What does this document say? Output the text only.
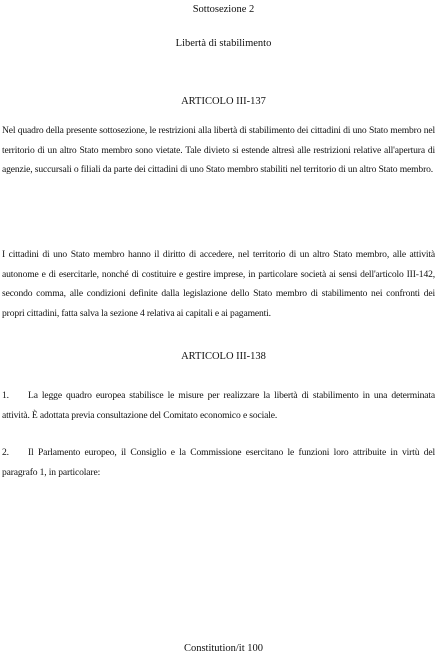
Sottosezione 2
Libertà di stabilimento
ARTICOLO III-137
Nel quadro della presente sottosezione, le restrizioni alla libertà di stabilimento dei cittadini di uno Stato membro nel territorio di un altro Stato membro sono vietate. Tale divieto si estende altresì alle restrizioni relative all'apertura di agenzie, succursali o filiali da parte dei cittadini di uno Stato membro stabiliti nel territorio di un altro Stato membro.
I cittadini di uno Stato membro hanno il diritto di accedere, nel territorio di un altro Stato membro, alle attività autonome e di esercitarle, nonché di costituire e gestire imprese, in particolare società ai sensi dell'articolo III-142, secondo comma, alle condizioni definite dalla legislazione dello Stato membro di stabilimento nei confronti dei propri cittadini, fatta salva la sezione 4 relativa ai capitali e ai pagamenti.
ARTICOLO III-138
1. La legge quadro europea stabilisce le misure per realizzare la libertà di stabilimento in una determinata attività. È adottata previa consultazione del Comitato economico e sociale.
2. Il Parlamento europeo, il Consiglio e la Commissione esercitano le funzioni loro attribuite in virtù del paragrafo 1, in particolare:
Constitution/it 100
